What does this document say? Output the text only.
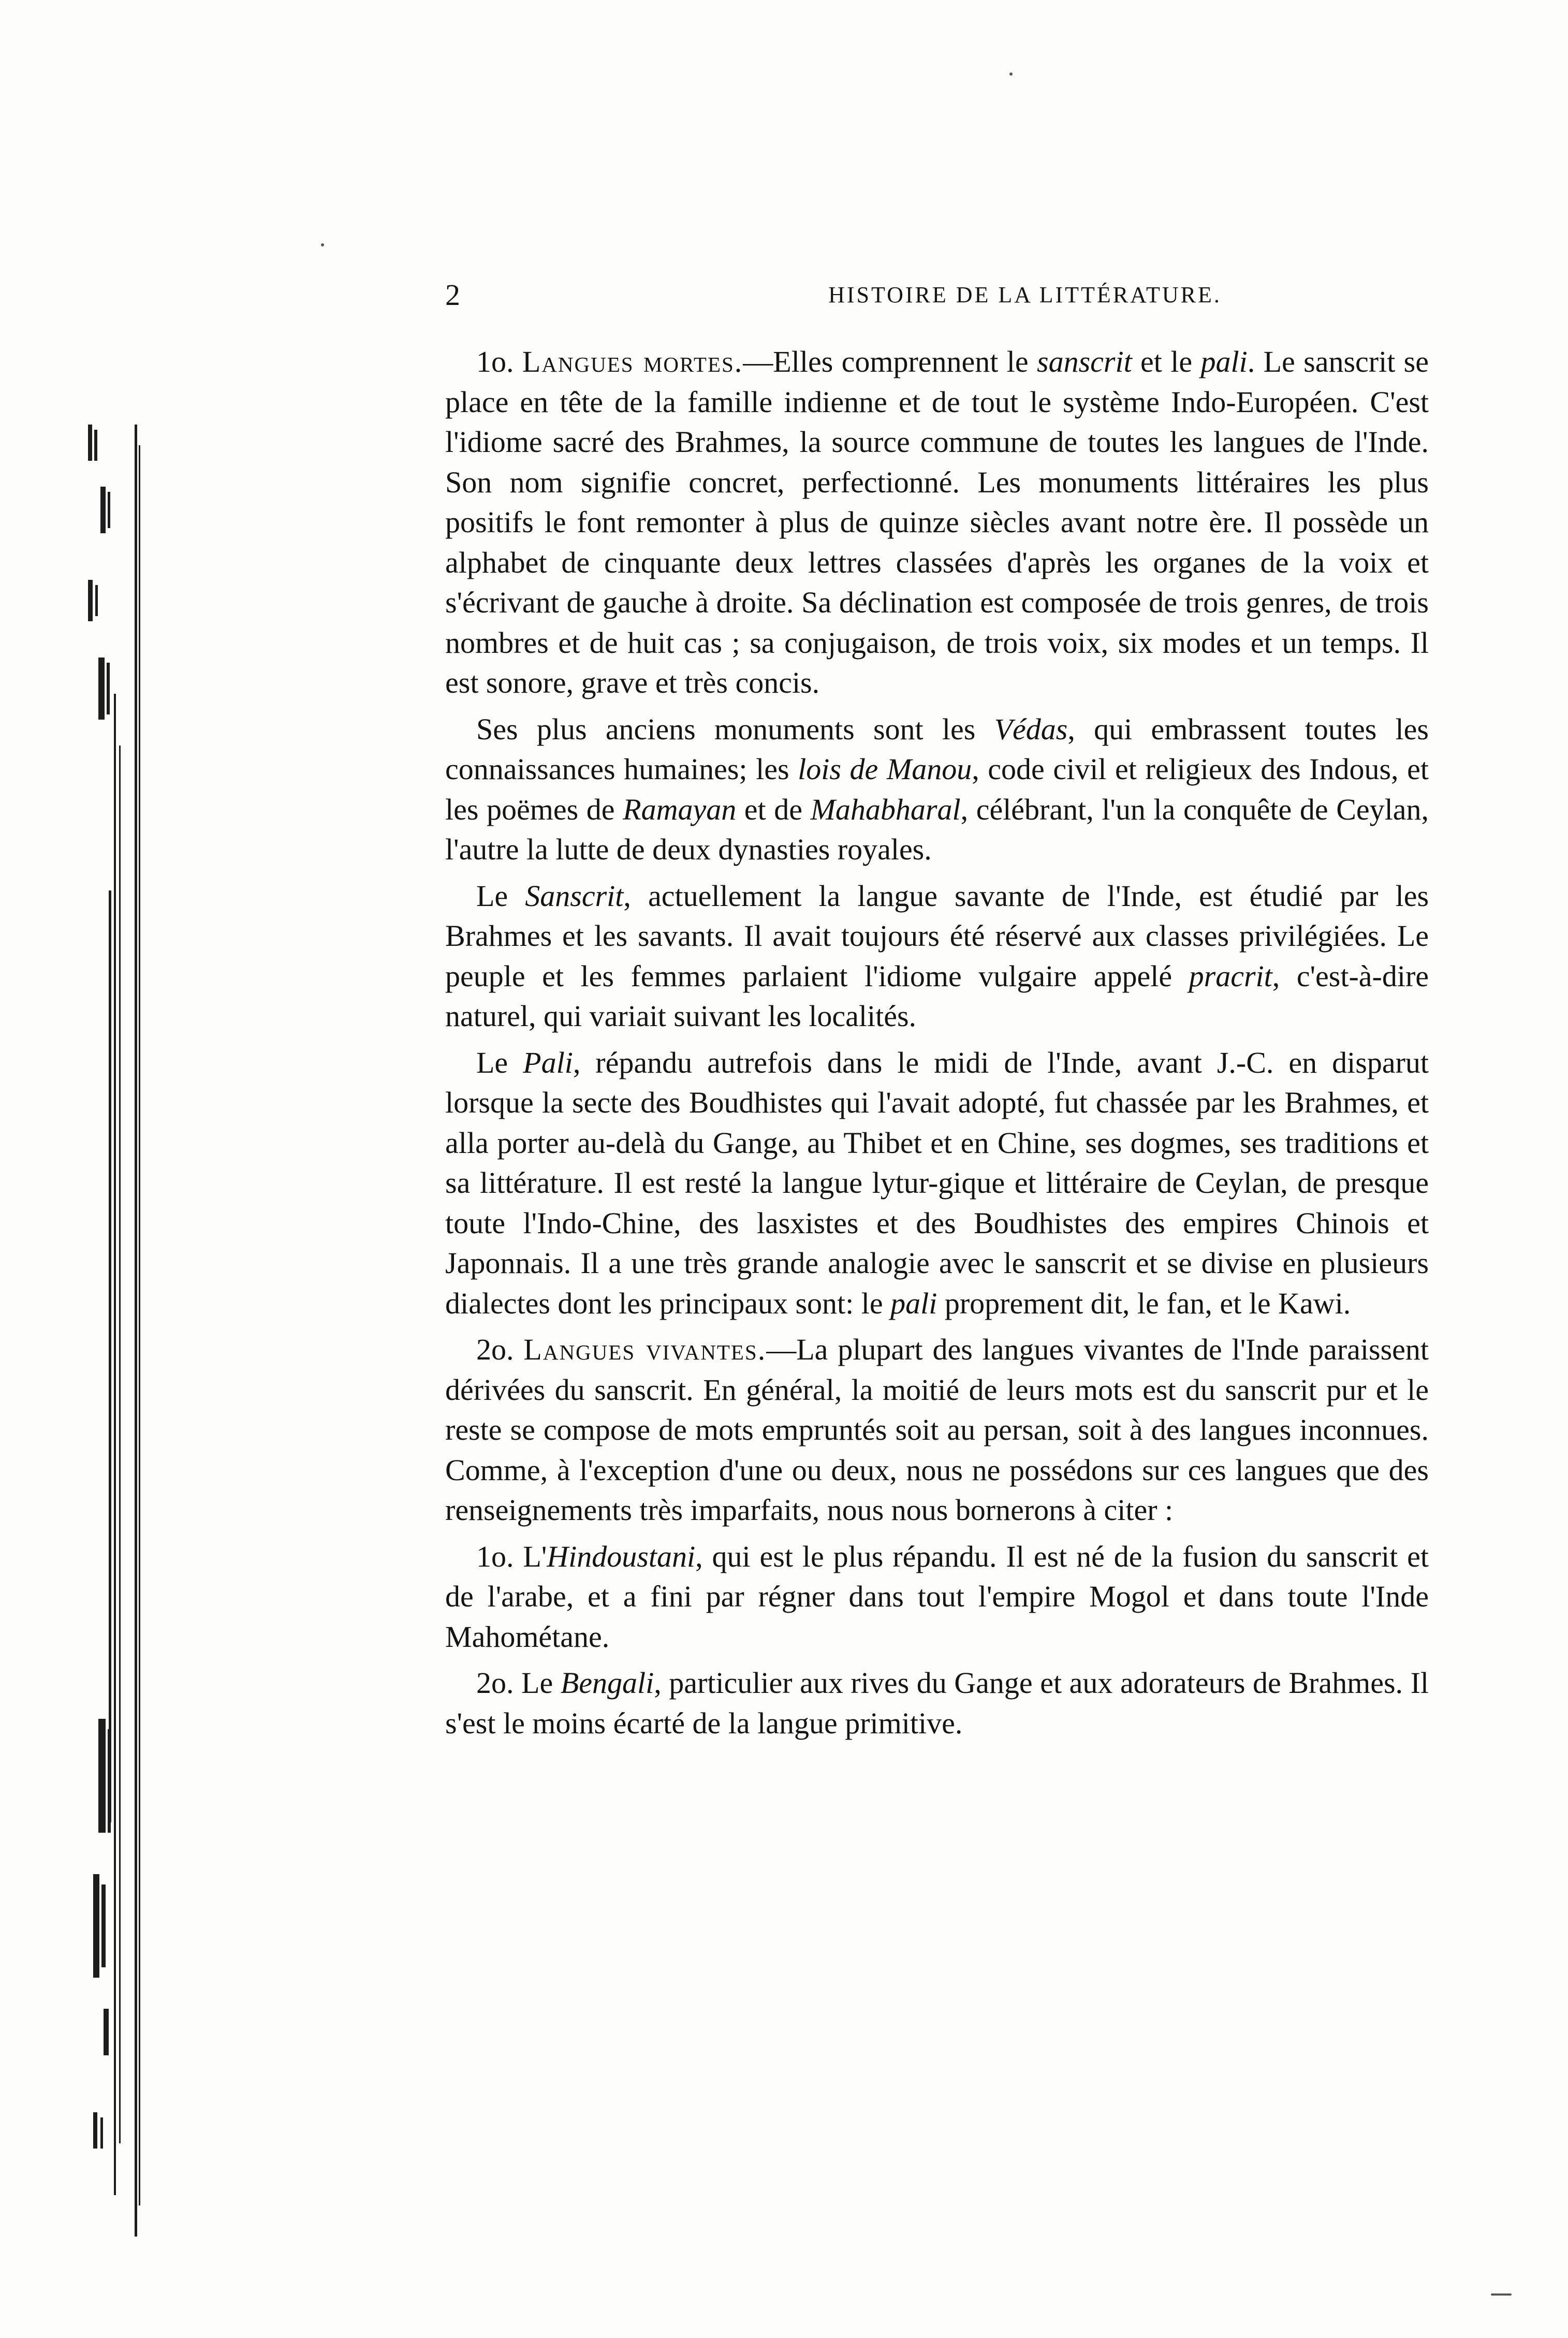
2	HISTOIRE DE LA LITTÉRATURE.

1o. Langues mortes.—Elles comprennent le sanscrit et le pali. Le sanscrit se place en tête de la famille indienne et de tout le système Indo-Européen. C'est l'idiome sacré des Brahmes, la source commune de toutes les langues de l'Inde. Son nom signifie concret, perfectionné. Les monuments littéraires les plus positifs le font remonter à plus de quinze siècles avant notre ère. Il possède un alphabet de cinquante deux lettres classées d'après les organes de la voix et s'écrivant de gauche à droite. Sa déclination est composée de trois genres, de trois nombres et de huit cas ; sa conjugaison, de trois voix, six modes et un temps. Il est sonore, grave et très concis.

Ses plus anciens monuments sont les Védas, qui embrassent toutes les connaissances humaines; les lois de Manou, code civil et religieux des Indous, et les poëmes de Ramayan et de Mahabharal, célébrant, l'un la conquête de Ceylan, l'autre la lutte de deux dynasties royales.

Le Sanscrit, actuellement la langue savante de l'Inde, est étudié par les Brahmes et les savants. Il avait toujours été réservé aux classes privilégiées. Le peuple et les femmes parlaient l'idiome vulgaire appelé pracrit, c'est-à-dire naturel, qui variait suivant les localités.

Le Pali, répandu autrefois dans le midi de l'Inde, avant J.-C. en disparut lorsque la secte des Boudhistes qui l'avait adopté, fut chassée par les Brahmes, et alla porter au-delà du Gange, au Thibet et en Chine, ses dogmes, ses traditions et sa littérature. Il est resté la langue lytur-gique et littéraire de Ceylan, de presque toute l'Indo-Chine, des lasxistes et des Boudhistes des empires Chinois et Japonnais. Il a une très grande analogie avec le sanscrit et se divise en plusieurs dialectes dont les principaux sont: le pali proprement dit, le fan, et le Kawi.

2o. Langues vivantes.—La plupart des langues vivantes de l'Inde paraissent dérivées du sanscrit. En général, la moitié de leurs mots est du sanscrit pur et le reste se compose de mots empruntés soit au persan, soit à des langues inconnues. Comme, à l'exception d'une ou deux, nous ne possédons sur ces langues que des renseignements très imparfaits, nous nous bornerons à citer :

1o. L'Hindoustani, qui est le plus répandu. Il est né de la fusion du sanscrit et de l'arabe, et a fini par régner dans tout l'empire Mogol et dans toute l'Inde Mahométane.

2o. Le Bengali, particulier aux rives du Gange et aux adorateurs de Brahmes. Il s'est le moins écarté de la langue primitive.
